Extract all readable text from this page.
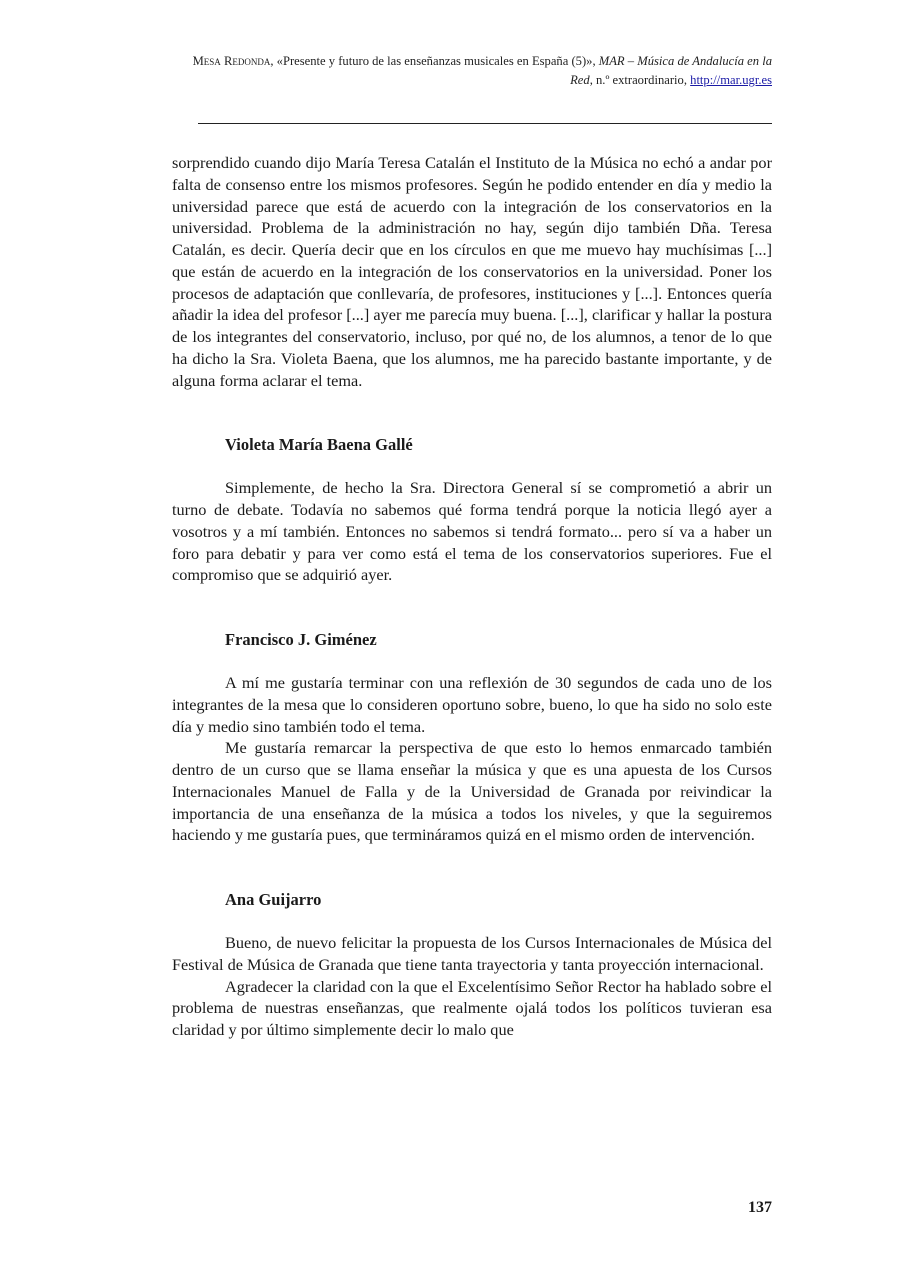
Mesa Redonda, «Presente y futuro de las enseñanzas musicales en España (5)», MAR – Música de Andalucía en la Red, n.º extraordinario, http://mar.ugr.es

sorprendido cuando dijo María Teresa Catalán el Instituto de la Música no echó a andar por falta de consenso entre los mismos profesores. Según he podido entender en día y medio la universidad parece que está de acuerdo con la integración de los conservatorios en la universidad. Problema de la administración no hay, según dijo también Dña. Teresa Catalán, es decir. Quería decir que en los círculos en que me muevo hay muchísimas [...] que están de acuerdo en la integración de los conservatorios en la universidad. Poner los procesos de adaptación que conllevaría, de profesores, instituciones y [...]. Entonces quería añadir la idea del profesor [...] ayer me parecía muy buena. [...], clarificar y hallar la postura de los integrantes del conservatorio, incluso, por qué no, de los alumnos, a tenor de lo que ha dicho la Sra. Violeta Baena, que los alumnos, me ha parecido bastante importante, y de alguna forma aclarar el tema.

Violeta María Baena Gallé

Simplemente, de hecho la Sra. Directora General sí se comprometió a abrir un turno de debate. Todavía no sabemos qué forma tendrá porque la noticia llegó ayer a vosotros y a mí también. Entonces no sabemos si tendrá formato... pero sí va a haber un foro para debatir y para ver como está el tema de los conservatorios superiores. Fue el compromiso que se adquirió ayer.

Francisco J. Giménez

A mí me gustaría terminar con una reflexión de 30 segundos de cada uno de los integrantes de la mesa que lo consideren oportuno sobre, bueno, lo que ha sido no solo este día y medio sino también todo el tema.

Me gustaría remarcar la perspectiva de que esto lo hemos enmarcado también dentro de un curso que se llama enseñar la música y que es una apuesta de los Cursos Internacionales Manuel de Falla y de la Universidad de Granada por reivindicar la importancia de una enseñanza de la música a todos los niveles, y que la seguiremos haciendo y me gustaría pues, que termináramos quizá en el mismo orden de intervención.

Ana Guijarro

Bueno, de nuevo felicitar la propuesta de los Cursos Internacionales de Música del Festival de Música de Granada que tiene tanta trayectoria y tanta proyección internacional.

Agradecer la claridad con la que el Excelentísimo Señor Rector ha hablado sobre el problema de nuestras enseñanzas, que realmente ojalá todos los políticos tuvieran esa claridad y por último simplemente decir lo malo que

137
